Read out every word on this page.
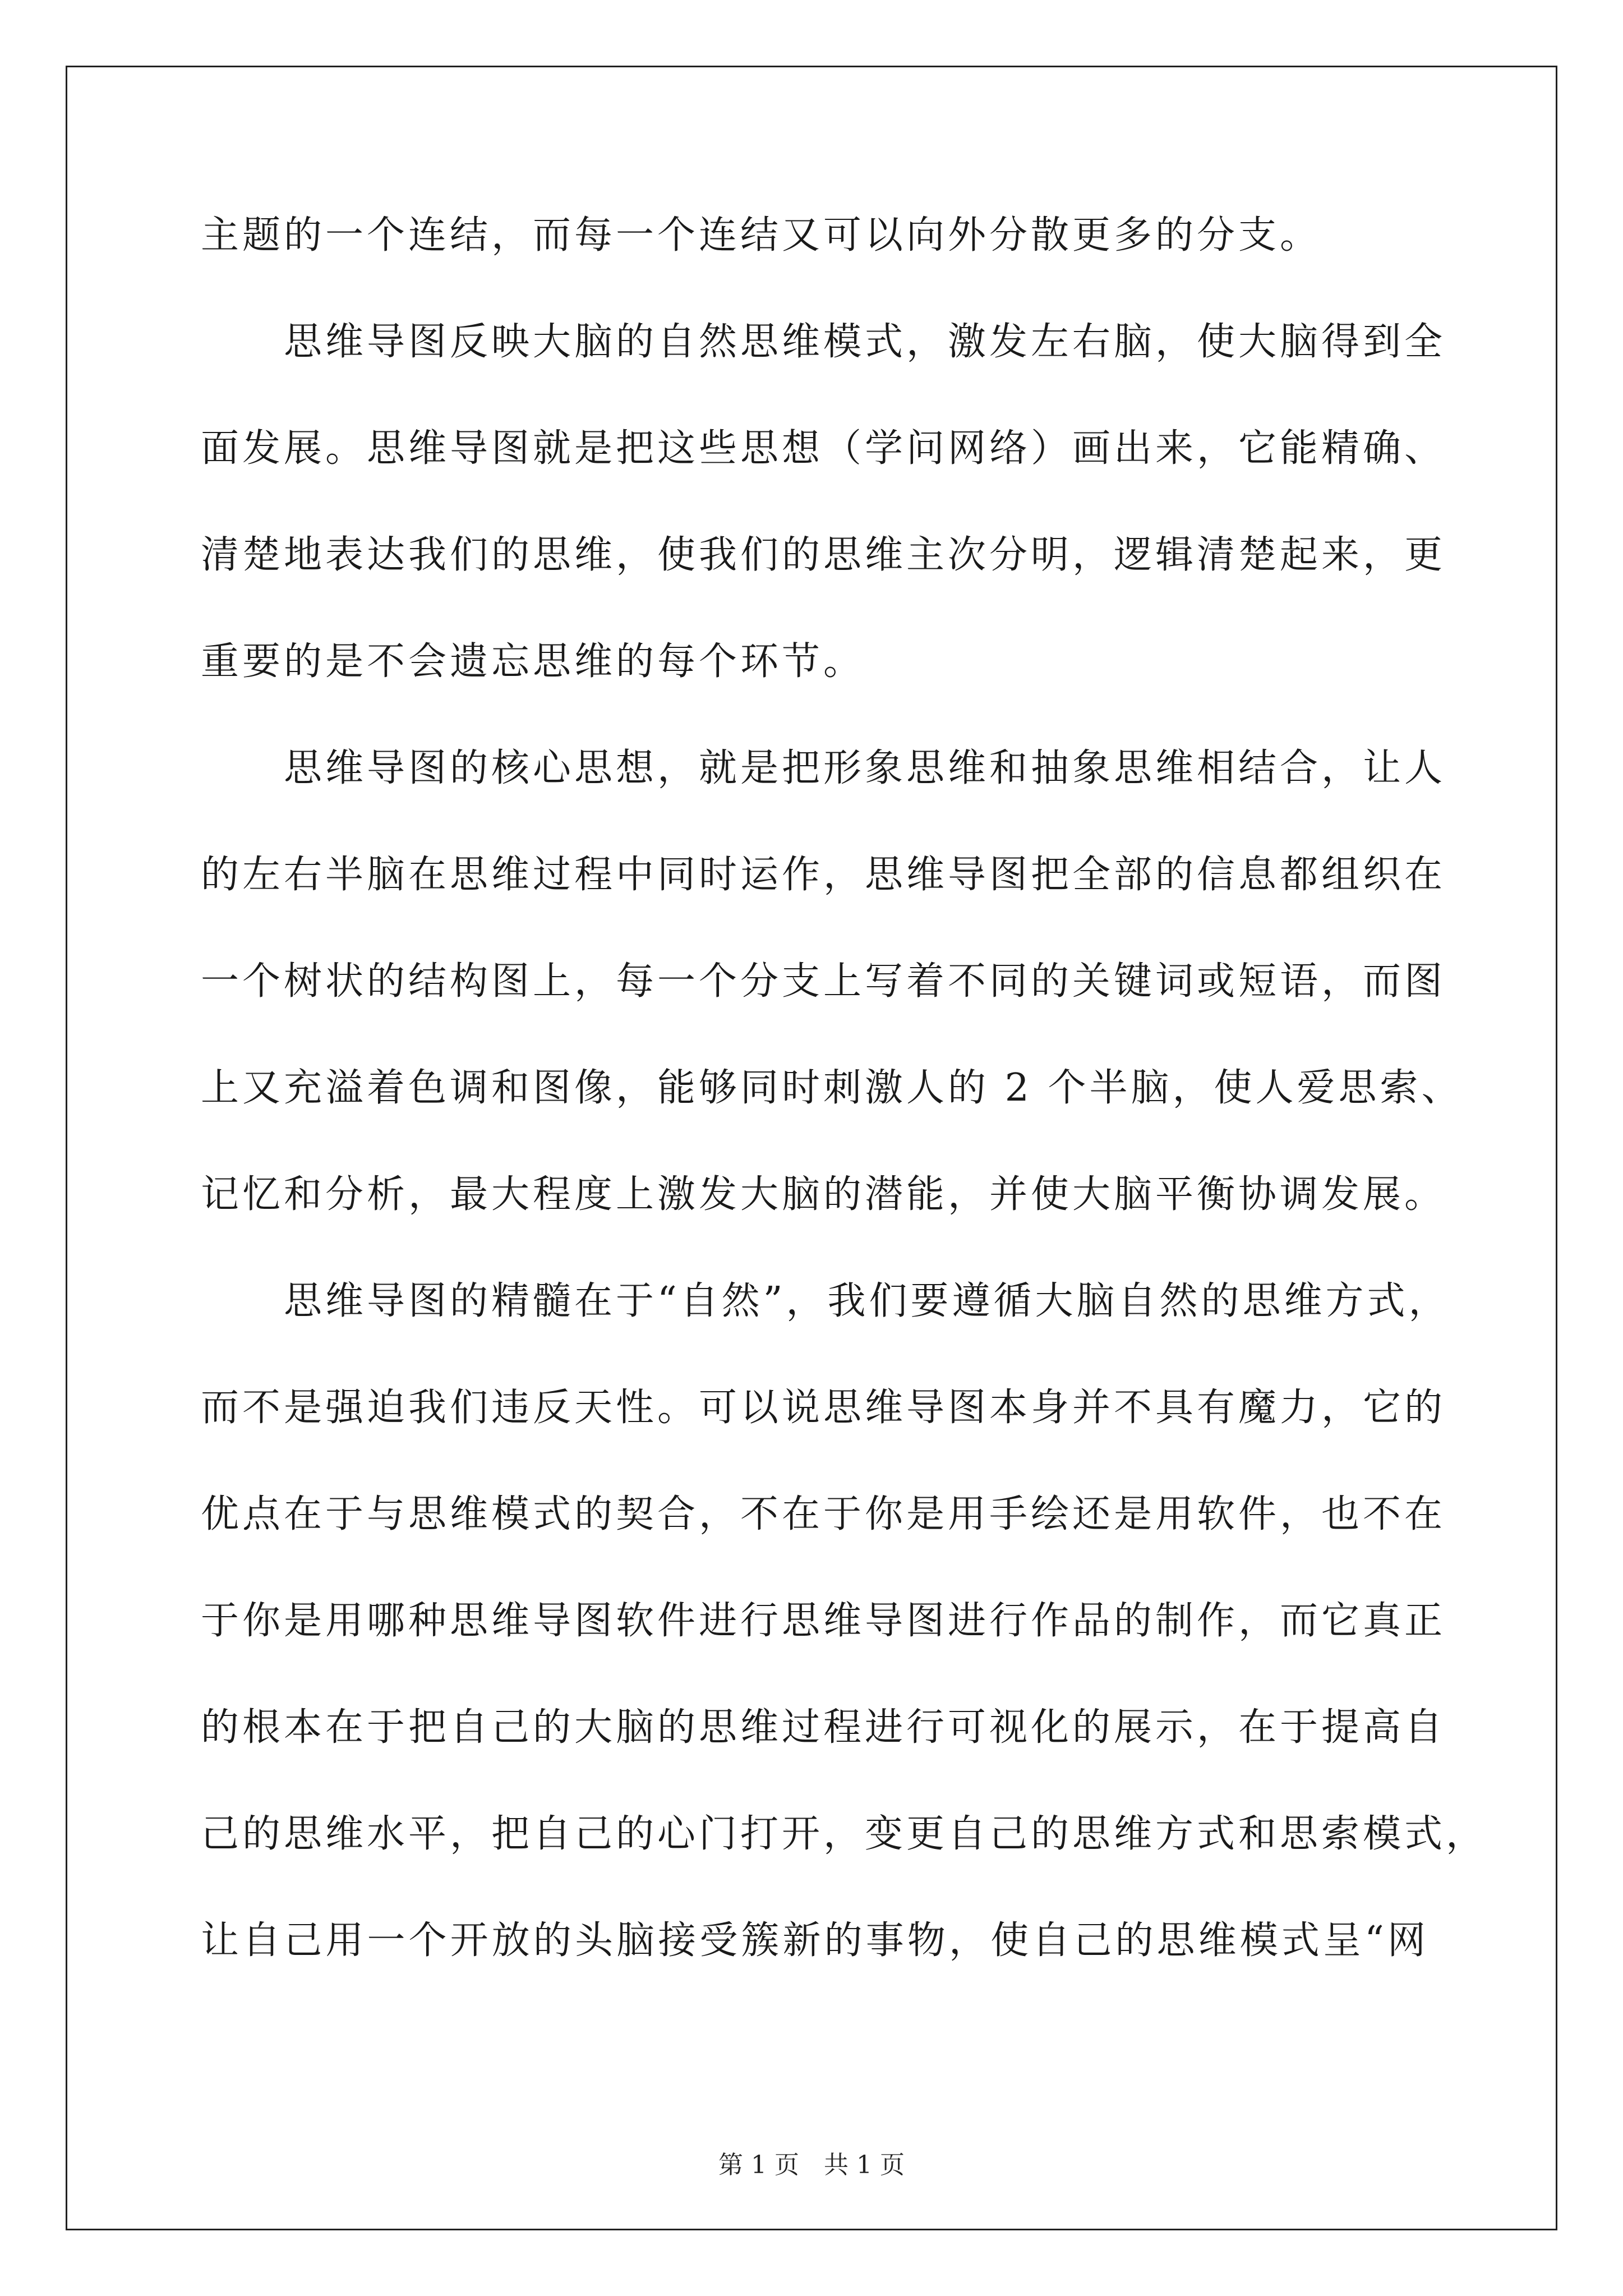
主题的一个连结，而每一个连结又可以向外分散更多的分支。
思维导图反映大脑的自然思维模式，激发左右脑，使大脑得到全
面发展。思维导图就是把这些思想（学问网络）画出来，它能精确、
清楚地表达我们的思维，使我们的思维主次分明，逻辑清楚起来，更
重要的是不会遗忘思维的每个环节。
思维导图的核心思想，就是把形象思维和抽象思维相结合，让人
的左右半脑在思维过程中同时运作，思维导图把全部的信息都组织在
一个树状的结构图上，每一个分支上写着不同的关键词或短语，而图
上又充溢着色调和图像，能够同时刺激人的 2 个半脑，使人爱思索、
记忆和分析，最大程度上激发大脑的潜能，并使大脑平衡协调发展。
思维导图的精髓在于“自然”，我们要遵循大脑自然的思维方式，
而不是强迫我们违反天性。可以说思维导图本身并不具有魔力，它的
优点在于与思维模式的契合，不在于你是用手绘还是用软件，也不在
于你是用哪种思维导图软件进行思维导图进行作品的制作，而它真正
的根本在于把自己的大脑的思维过程进行可视化的展示，在于提高自
己的思维水平，把自己的心门打开，变更自己的思维方式和思索模式，
让自己用一个开放的头脑接受簇新的事物，使自己的思维模式呈“网
第 1 页　共 1 页
